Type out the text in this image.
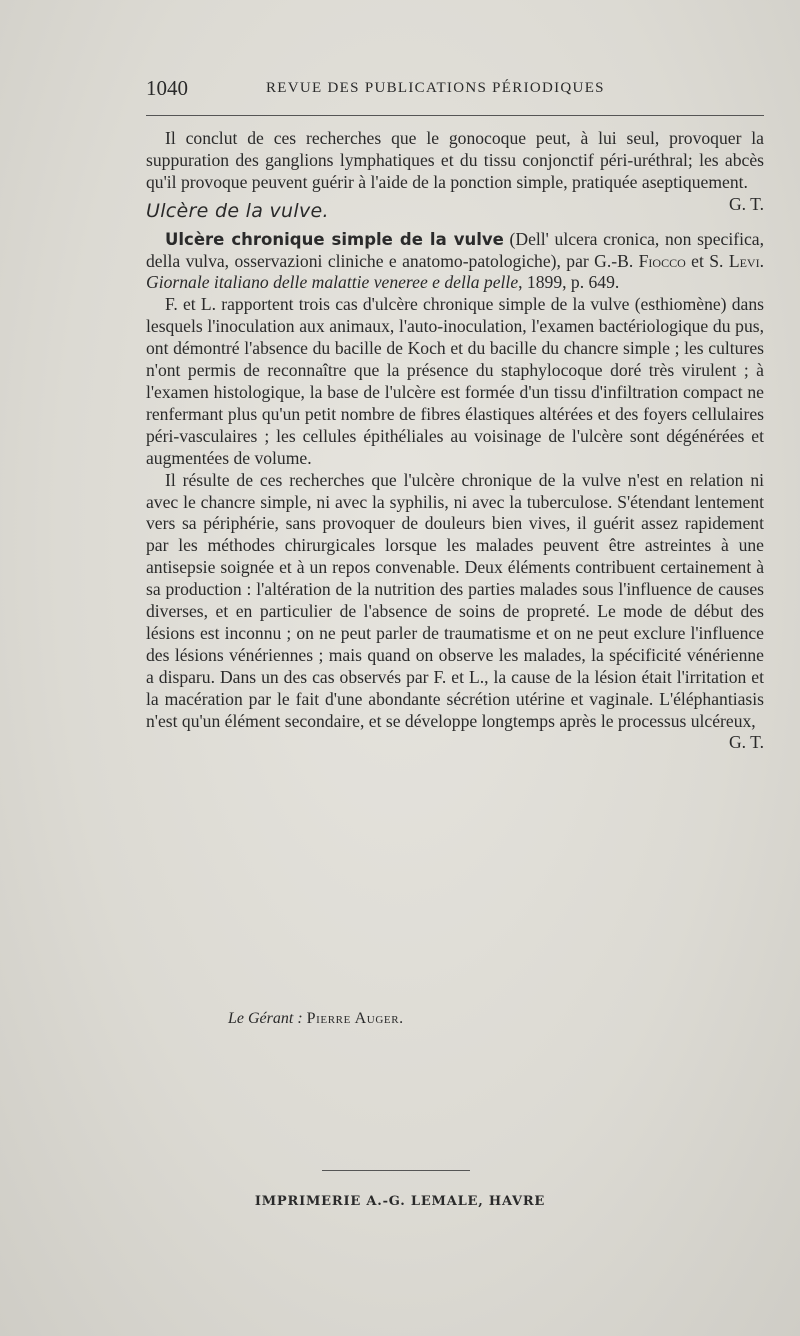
1040	REVUE DES PUBLICATIONS PÉRIODIQUES

Il conclut de ces recherches que le gonocoque peut, à lui seul, provoquer la suppuration des ganglions lymphatiques et du tissu conjonctif péri-uréthral; les abcès qu'il provoque peuvent guérir à l'aide de la ponction simple, pratiquée aseptiquement.
G. T.

Ulcère de la vulve.

Ulcère chronique simple de la vulve (Dell' ulcera cronica, non specifica, della vulva, osservazioni cliniche e anatomo-patologiche), par G.-B. Fiocco et S. Levi. Giornale italiano delle malattie veneree e della pelle, 1899, p. 649.

F. et L. rapportent trois cas d'ulcère chronique simple de la vulve (esthiomène) dans lesquels l'inoculation aux animaux, l'auto-inoculation, l'examen bactériologique du pus, ont démontré l'absence du bacille de Koch et du bacille du chancre simple ; les cultures n'ont permis de reconnaître que la présence du staphylocoque doré très virulent ; à l'examen histologique, la base de l'ulcère est formée d'un tissu d'infiltration compact ne renfermant plus qu'un petit nombre de fibres élastiques altérées et des foyers cellulaires péri-vasculaires ; les cellules épithéliales au voisinage de l'ulcère sont dégénérées et augmentées de volume.

Il résulte de ces recherches que l'ulcère chronique de la vulve n'est en relation ni avec le chancre simple, ni avec la syphilis, ni avec la tuberculose. S'étendant lentement vers sa périphérie, sans provoquer de douleurs bien vives, il guérit assez rapidement par les méthodes chirurgicales lorsque les malades peuvent être astreintes à une antisepsie soignée et à un repos convenable. Deux éléments contribuent certainement à sa production : l'altération de la nutrition des parties malades sous l'influence de causes diverses, et en particulier de l'absence de soins de propreté. Le mode de début des lésions est inconnu ; on ne peut parler de traumatisme et on ne peut exclure l'influence des lésions vénériennes ; mais quand on observe les malades, la spécificité vénérienne a disparu. Dans un des cas observés par F. et L., la cause de la lésion était l'irritation et la macération par le fait d'une abondante sécrétion utérine et vaginale. L'éléphantiasis n'est qu'un élément secondaire, et se développe longtemps après le processus ulcéreux,
G. T.

Le Gérant : Pierre Auger.
IMPRIMERIE A.-G. LEMALE, HAVRE
